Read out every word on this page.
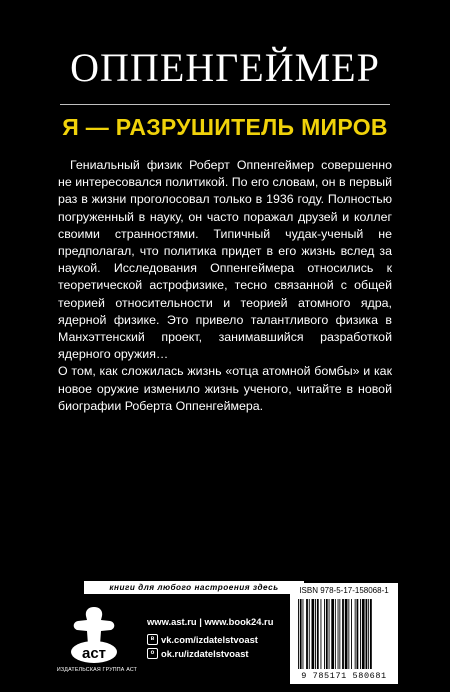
ОППЕНГЕЙМЕР
Я — РАЗРУШИТЕЛЬ МИРОВ

Гениальный физик Роберт Оппенгеймер совершенно не интересовался политикой. По его словам, он в первый раз в жизни проголосовал только в 1936 году. Полностью погруженный в науку, он часто поражал друзей и коллег своими странностями. Типичный чудак-ученый не предполагал, что политика придет в его жизнь вслед за наукой. Исследования Оппенгеймера относились к теоретической астрофизике, тесно связанной с общей теорией относительности и теорией атомного ядра, ядерной физике. Это привело талантливого физика в Манхэттенский проект, занимавшийся разработкой ядерного оружия…

О том, как сложилась жизнь «отца атомной бомбы» и как новое оружие изменило жизнь ученого, читайте в новой биографии Роберта Оппенгеймера.

книги для любого настроения здесь
аст
ИЗДАТЕЛЬСКАЯ ГРУППА АСТ
www.ast.ru | www.book24.ru
в vk.com/izdatelstvoast
о ok.ru/izdatelstvoast
ISBN 978-5-17-158068-1
9 785171 580681
